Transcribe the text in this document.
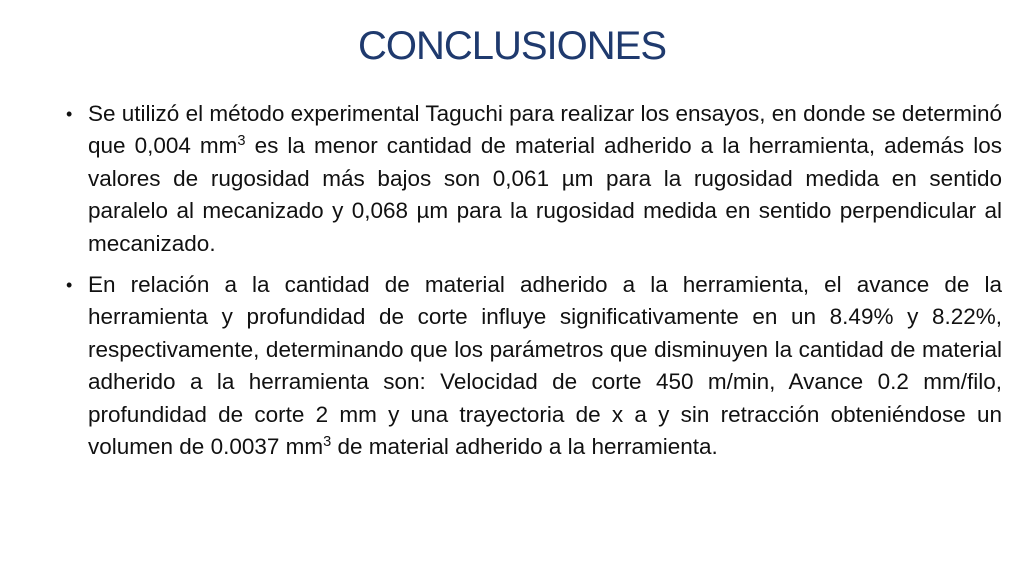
CONCLUSIONES
• Se utilizó el método experimental Taguchi para realizar los ensayos, en donde se determinó que 0,004 $mm^3$ es la menor cantidad de material adherido a la herramienta, además los valores de rugosidad más bajos son 0,061 µm para la rugosidad medida en sentido paralelo al mecanizado y 0,068 µm para la rugosidad medida en sentido perpendicular al mecanizado.
• En relación a la cantidad de material adherido a la herramienta, el avance de la herramienta y profundidad de corte influye significativamente en un 8.49% y 8.22%, respectivamente, determinando que los parámetros que disminuyen la cantidad de material adherido a la herramienta son: Velocidad de corte 450 m/min, Avance 0.2 mm/filo, profundidad de corte 2 mm y una trayectoria de x a y sin retracción obteniéndose un volumen de 0.0037 $mm^3$ de material adherido a la herramienta.
